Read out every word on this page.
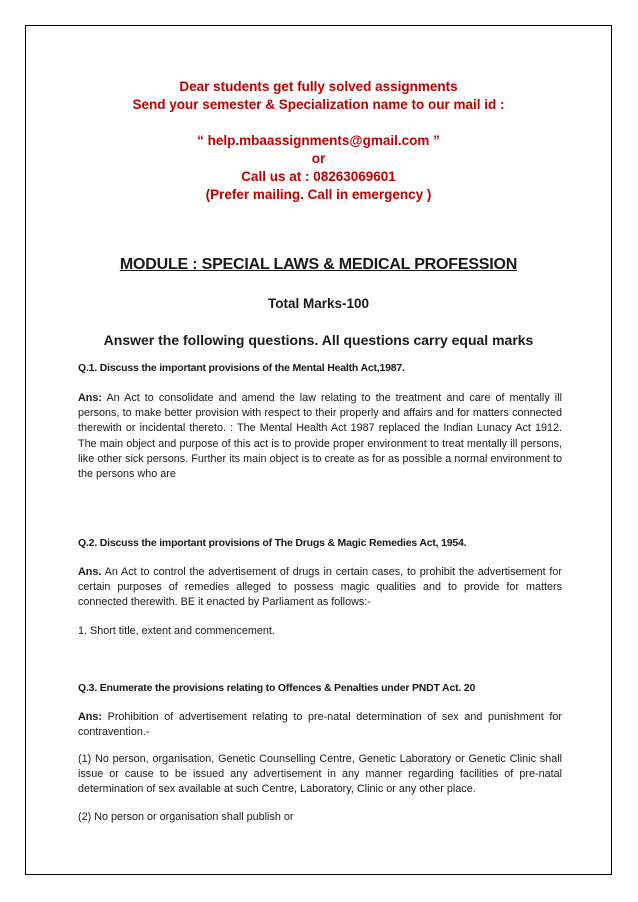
Dear students get fully solved assignments
Send your semester & Specialization name to our mail id :
“ help.mbaassignments@gmail.com ”
or
Call us at : 08263069601
(Prefer mailing. Call in emergency )
MODULE : SPECIAL LAWS & MEDICAL PROFESSION
Total Marks-100
Answer the following questions. All questions carry equal marks
Q.1. Discuss the important provisions of the Mental Health Act,1987.
Ans: An Act to consolidate and amend the law relating to the treatment and care of mentally ill persons, to make better provision with respect to their properly and affairs and for matters connected therewith or incidental thereto. : The Mental Health Act 1987 replaced the Indian Lunacy Act 1912. The main object and purpose of this act is to provide proper environment to treat mentally ill persons, like other sick persons. Further its main object is to create as for as possible a normal environment to the persons who are
Q.2. Discuss the important provisions of The Drugs & Magic Remedies Act, 1954.
Ans. An Act to control the advertisement of drugs in certain cases, to prohibit the advertisement for certain purposes of remedies alleged to possess magic qualities and to provide for matters connected therewith. BE it enacted by Parliament as follows:-
1. Short title, extent and commencement.
Q.3. Enumerate the provisions relating to Offences & Penalties under PNDT Act. 20
Ans: Prohibition of advertisement relating to pre-natal determination of sex and punishment for contravention.-
(1) No person, organisation, Genetic Counselling Centre, Genetic Laboratory or Genetic Clinic shall issue or cause to be issued any advertisement in any manner regarding facilities of pre-natal determination of sex available at such Centre, Laboratory, Clinic or any other place.
(2) No person or organisation shall publish or
